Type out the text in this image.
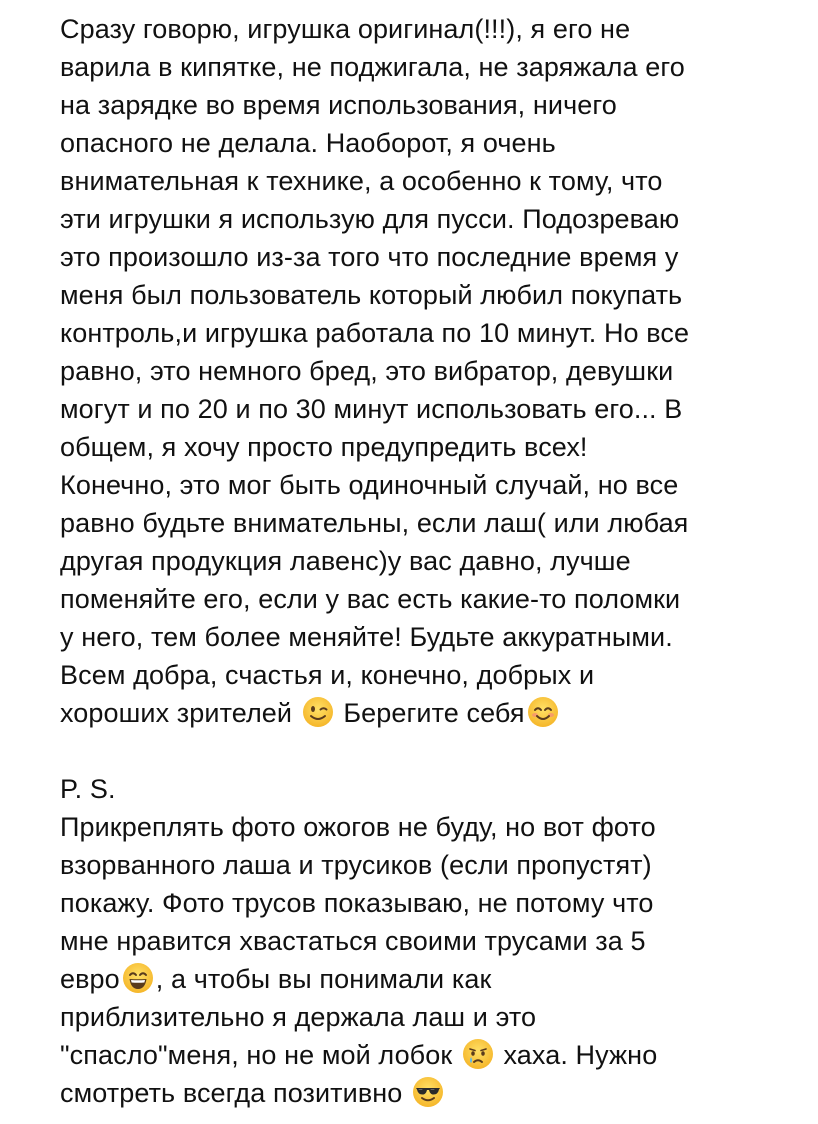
Сразу говорю, игрушка оригинал(!!!), я его не
варила в кипятке, не поджигала, не заряжала его
на зарядке во время использования, ничего
опасного не делала. Наоборот, я очень
внимательная к технике, а особенно к тому, что
эти игрушки я использую для пусси. Подозреваю
это произошло из-за того что последние время у
меня был пользователь который любил покупать
контроль,и игрушка работала по 10 минут. Но все
равно, это немного бред, это вибратор, девушки
могут и по 20 и по 30 минут использовать его... В
общем, я хочу просто предупредить всех!
Конечно, это мог быть одиночный случай, но все
равно будьте внимательны, если лаш( или любая
другая продукция лавенс)у вас давно, лучше
поменяйте его, если у вас есть какие-то поломки
у него, тем более меняйте! Будьте аккуратными.
Всем добра, счастья и, конечно, добрых и
хороших зрителей  Берегите себя
P. S.
Прикреплять фото ожогов не буду, но вот фото
взорванного лаша и трусиков (если пропустят)
покажу. Фото трусов показываю, не потому что
мне нравится хвастаться своими трусами за 5
евро , а чтобы вы понимали как
приблизительно я держала лаш и это
"спасло"меня, но не мой лобок  хаха. Нужно
смотреть всегда позитивно
